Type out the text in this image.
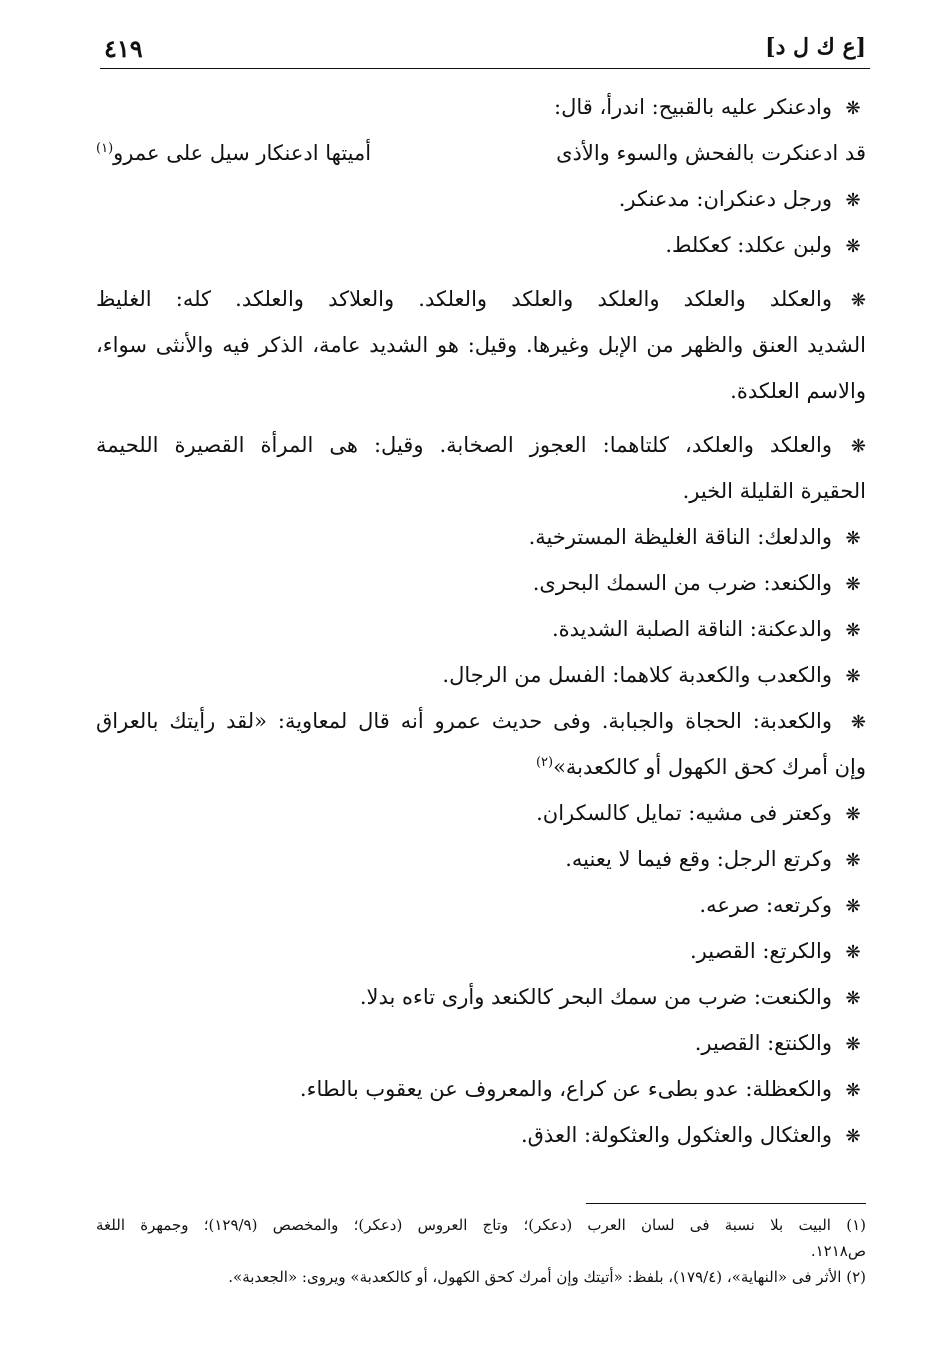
[ع ك ل د]
٤١٩
❋وادعنكر عليه بالقبيح: اندرأ، قال:
قد ادعنكرت بالفحش والسوء والأذى
أميتها ادعنكار سيل على عمرو$^{(١)}$
❋ورجل دعنكران: مدعنكر.
❋ولبن عكلد: كعكلط.
❋والعكلد والعلكد والعلكد والعلكد والعلكد. والعلاكد والعلكد. كله: الغليظ
الشديد العنق والظهر من الإبل وغيرها. وقيل: هو الشديد عامة، الذكر فيه والأنثى سواء،
والاسم العلكدة.
❋والعلكد والعلكد، كلتاهما: العجوز الصخابة. وقيل: هى المرأة القصيرة اللحيمة
الحقيرة القليلة الخير.
❋والدلعك: الناقة الغليظة المسترخية.
❋والكنعد: ضرب من السمك البحرى.
❋والدعكنة: الناقة الصلبة الشديدة.
❋والكعدب والكعدبة كلاهما: الفسل من الرجال.
❋والكعدبة: الحجاة والجبابة. وفى حديث عمرو أنه قال لمعاوية: «لقد رأيتك بالعراق
وإن أمرك كحق الكهول أو كالكعدبة»$^{(٢)}$
❋وكعتر فى مشيه: تمايل كالسكران.
❋وكرتع الرجل: وقع فيما لا يعنيه.
❋وكرتعه: صرعه.
❋والكرتع: القصير.
❋والكنعت: ضرب من سمك البحر كالكنعد وأرى تاءه بدلا.
❋والكنتع: القصير.
❋والكعظلة: عدو بطىء عن كراع، والمعروف عن يعقوب بالطاء.
❋والعثكال والعثكول والعثكولة: العذق.
(١) البيت بلا نسبة فى لسان العرب (دعكر)؛ وتاج العروس (دعكر)؛ والمخصص (١٢٩/٩)؛ وجمهرة اللغة
ص١٢١٨.
(٢) الأثر فى «النهاية»، (١٧٩/٤)، بلفظ: «أتيتك وإن أمرك كحق الكهول، أو كالكعدبة» ويروى: «الجعدبة».
